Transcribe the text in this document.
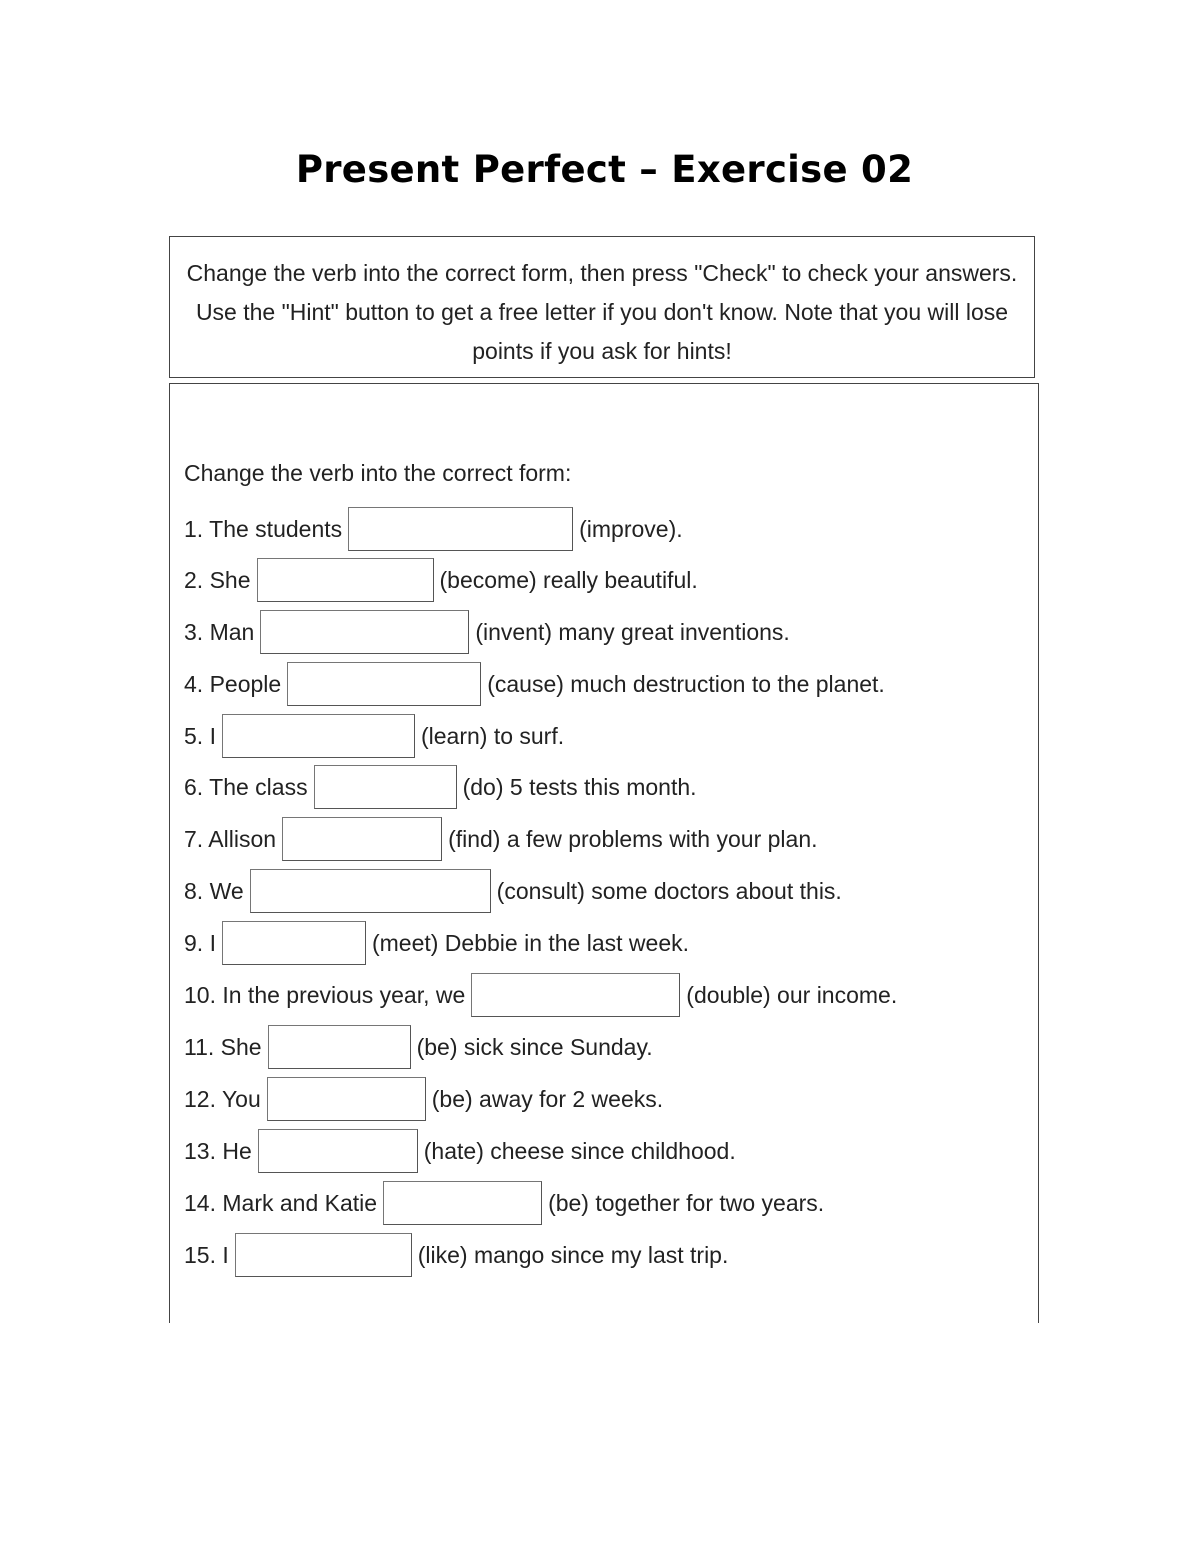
Present Perfect – Exercise 02
Change the verb into the correct form, then press "Check" to check your answers. Use the "Hint" button to get a free letter if you don't know. Note that you will lose points if you ask for hints!

Change the verb into the correct form:

1. The students	(improve).
2. She	(become) really beautiful.
3. Man	(invent) many great inventions.
4. People	(cause) much destruction to the planet.
5. I	(learn) to surf.
6. The class	(do) 5 tests this month.
7. Allison	(find) a few problems with your plan.
8. We	(consult) some doctors about this.
9. I	(meet) Debbie in the last week.
10. In the previous year, we	(double) our income.
11. She	(be) sick since Sunday.
12. You	(be) away for 2 weeks.
13. He	(hate) cheese since childhood.
14. Mark and Katie	(be) together for two years.
15. I	(like) mango since my last trip.
